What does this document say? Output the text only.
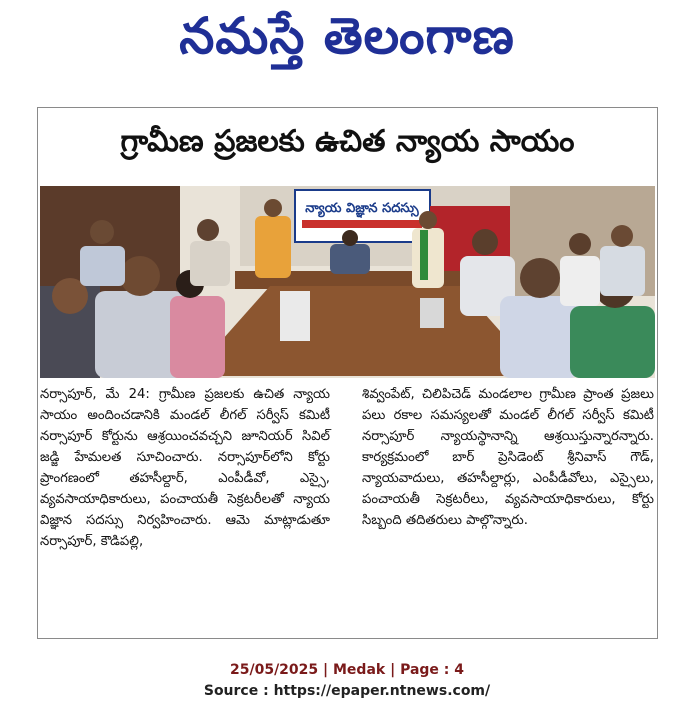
నమస్తే తెలంగాణ
గ్రామీణ ప్రజలకు ఉచిత న్యాయ సాయం
న్యాయ విజ్ఞాన సదస్సు

నర్సాపూర్, మే 24: గ్రామీణ ప్రజలకు ఉచిత న్యాయ సాయం అందించడానికి మండల్ లీగల్ సర్వీస్ కమిటీ నర్సాపూర్ కోర్టును ఆశ్రయించవచ్చని జూనియర్ సివిల్ జడ్జి హేమలత సూచించారు. నర్సాపూర్‌లోని కోర్టు ప్రాంగణంలో తహసీల్దార్, ఎంపీడీవో, ఎస్సై, వ్యవసాయాధికారులు, పంచాయతీ సెక్రటరీలతో న్యాయ విజ్ఞాన సదస్సు నిర్వహించారు. ఆమె మాట్లాడుతూ నర్సాపూర్, కౌడిపల్లి,

శివ్వంపేట్, చిలిపిచెడ్ మండలాల గ్రామీణ ప్రాంత ప్రజలు పలు రకాల సమస్యలతో మండల్ లీగల్ సర్వీస్ కమిటీ నర్సాపూర్ న్యాయస్థానాన్ని ఆశ్రయిస్తున్నారన్నారు. కార్యక్రమంలో బార్ ప్రెసిడెంట్ శ్రీనివాస్ గౌడ్, న్యాయవాదులు, తహసీల్దార్లు, ఎంపీడీవోలు, ఎస్సైలు, పంచాయతీ సెక్రటరీలు, వ్యవసాయాధికారులు, కోర్టు సిబ్బంది తదితరులు పాల్గొన్నారు.

25/05/2025 | Medak | Page : 4
Source : https://epaper.ntnews.com/
